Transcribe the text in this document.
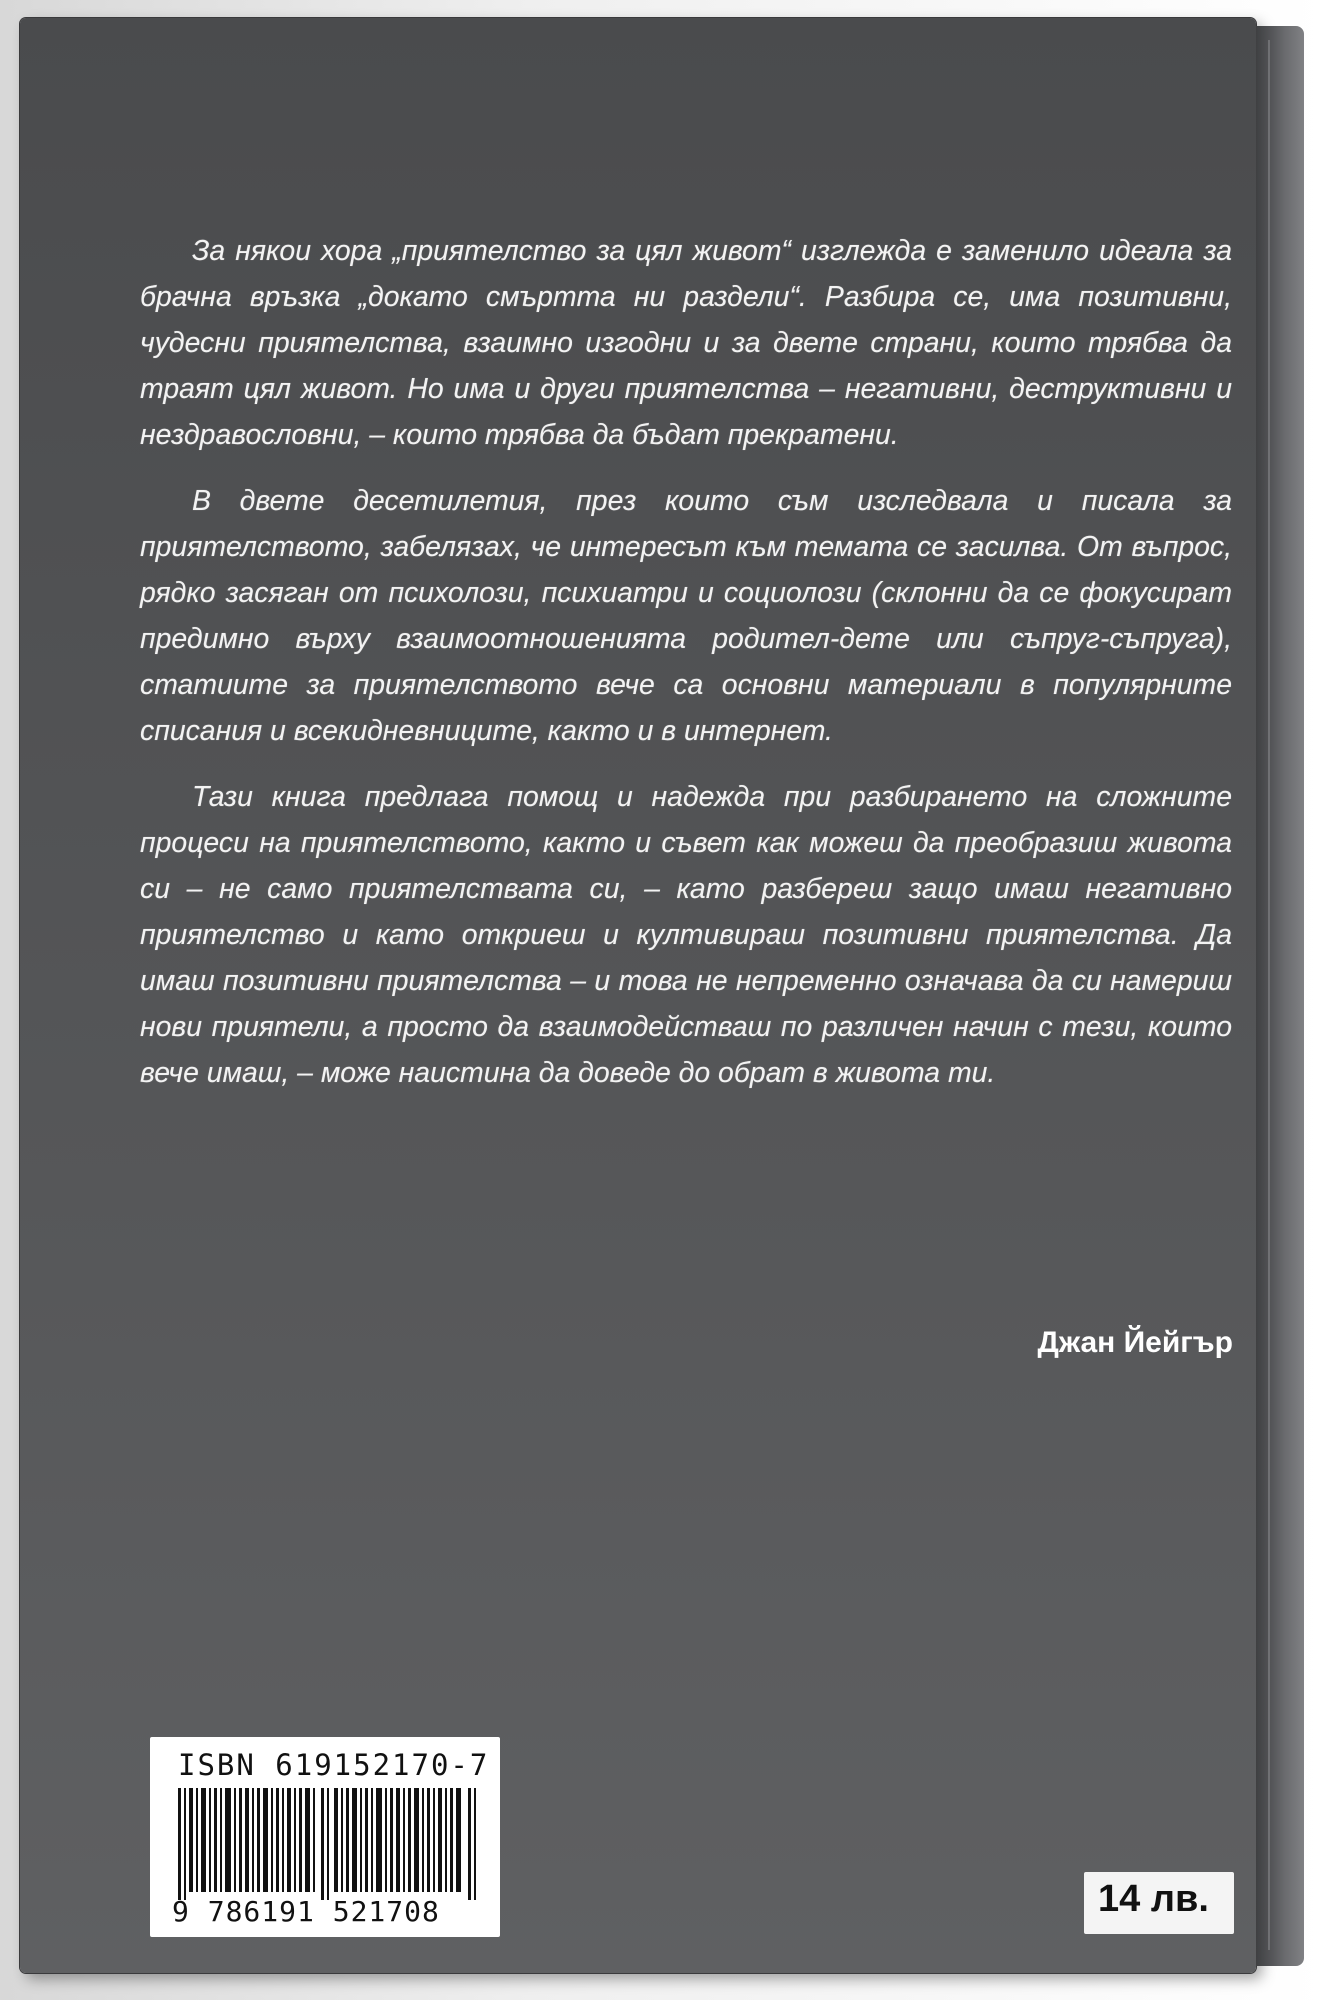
За някои хора „приятелство за цял живот“ изглежда е заменило идеала за брачна връзка „докато смъртта ни раздели“. Разбира се, има позитивни, чудесни приятелства, взаимно изгодни и за двете страни, които трябва да траят цял живот. Но има и други приятелства – негативни, деструктивни и нездравословни, – които трябва да бъдат прекратени.

В двете десетилетия, през които съм изследвала и писала за приятелството, забелязах, че интересът към темата се засилва. От въпрос, рядко засяган от психолози, психиатри и социолози (склонни да се фокусират предимно върху взаимоотношенията родител-дете или съпруг-съпруга), статиите за приятелството вече са основни материали в популярните списания и всекидневниците, както и в интернет.

Тази книга предлага помощ и надежда при разбирането на сложните процеси на приятелството, както и съвет как можеш да преобразиш живота си – не само приятелствата си, – като разбереш защо имаш негативно приятелство и като откриеш и култивираш позитивни приятелства. Да имаш позитивни приятелства – и това не непременно означава да си намериш нови приятели, а просто да взаимодействаш по различен начин с тези, които вече имаш, – може наистина да доведе до обрат в живота ти.

Джан Йейгър
ISBN 619152170-7
9 786191 521708	14 лв.
